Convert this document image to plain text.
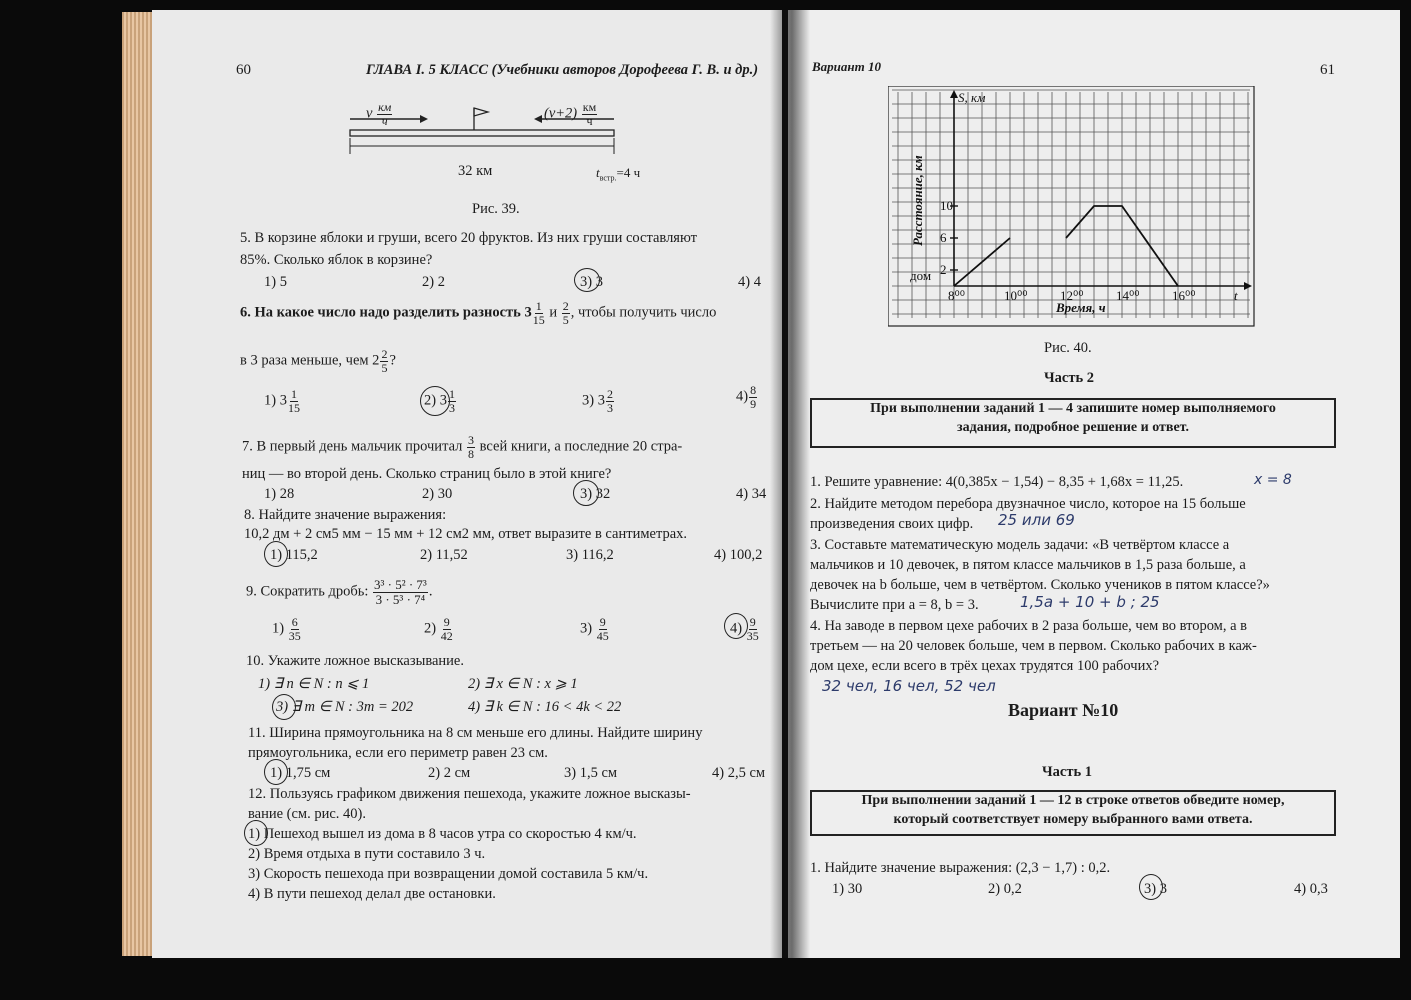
60	ГЛАВА I. 5 КЛАСС (Учебники авторов Дорофеева Г. В. и др.)
v $\frac{км}{ч}$	$(v+2) \frac{км}{ч}$
32 км	$t_{встр.}=4$ ч
Рис. 39.
5. В корзине яблоки и груши, всего 20 фруктов. Из них груши составляют
85%. Сколько яблок в корзине?
1) 5	2) 2	3) 3	4) 4
6. На какое число надо разделить разность $3 \frac{1}{15}$ и $\frac{2}{5}$ , чтобы получить число
в 3 раза меньше, чем $2 \frac{2}{5}$ ?
1) $3 \frac{1}{15}$	2) $3 \frac{1}{3}$	3) $3 \frac{2}{3}$	$4) \frac{8}{9}$
7. В первый день мальчик прочитал $\frac{3}{8}$ всей книги, а последние 20 стра-
ниц — во второй день. Сколько страниц было в этой книге?
1) 28	2) 30	3) 32	4) 34
8. Найдите значение выражения:
10,2 дм + 2 см5 мм − 15 мм + 12 см2 мм, ответ выразите в сантиметрах.
1) 115,2	2) 11,52	3) 116,2	4) 100,2
9. Сократить дробь: $\frac{\text{3³ · 5² · 7³}}{\text{3 · 5³ · 7⁴}}$ .
$1) \frac{6}{35}$	$2) \frac{9}{42}$	$3) \frac{9}{45}$	$4) \frac{9}{35}$
10. Укажите ложное высказывание.
1) ∃ n ∈ N : n ⩽ 1	2) ∃ x ∈ N : x ⩾ 1
3) ∃ m ∈ N : 3m = 202	4) ∃ k ∈ N : 16 < 4k < 22
11. Ширина прямоугольника на 8 см меньше его длины. Найдите ширину
прямоугольника, если его периметр равен 23 см.
1) 1,75 см	2) 2 см	3) 1,5 см	4) 2,5 см
12. Пользуясь графиком движения пешехода, укажите ложное высказы-
вание (см. рис. 40).
1) Пешеход вышел из дома в 8 часов утра со скоростью 4 км/ч.
2) Время отдыха в пути составило 3 ч.
3) Скорость пешехода при возвращении домой составила 5 км/ч.
4) В пути пешеход делал две остановки.
Вариант 10	61
8⁰⁰	10⁰⁰	12⁰⁰	14⁰⁰	16⁰⁰
2
6
10
S, км
t
дом
Время, ч
Расстояние, км
Рис. 40.
Часть 2
При выполнении заданий 1 — 4 запишите номер выполняемого
задания, подробное решение и ответ.
1. Решите уравнение: 4(0,385x − 1,54) − 8,35 + 1,68x = 11,25.	x = 8
2. Найдите методом перебора двузначное число, которое на 15 больше
произведения своих цифр. 25 или 69
3. Составьте математическую модель задачи: «В четвёртом классе a
мальчиков и 10 девочек, в пятом классе мальчиков в 1,5 раза больше, а
девочек на b больше, чем в четвёртом. Сколько учеников в пятом классе?»
Вычислите при a = 8, b = 3.	1,5a + 10 + b ; 25
4. На заводе в первом цехе рабочих в 2 раза больше, чем во втором, а в
третьем — на 20 человек больше, чем в первом. Сколько рабочих в каж-
дом цехе, если всего в трёх цехах трудятся 100 рабочих?
32 чел, 16 чел, 52 чел
Вариант №10
Часть 1
При выполнении заданий 1 — 12 в строке ответов обведите номер,
который соответствует номеру выбранного вами ответа.
1. Найдите значение выражения: (2,3 − 1,7) : 0,2.
1) 30	2) 0,2	3) 3	4) 0,3
